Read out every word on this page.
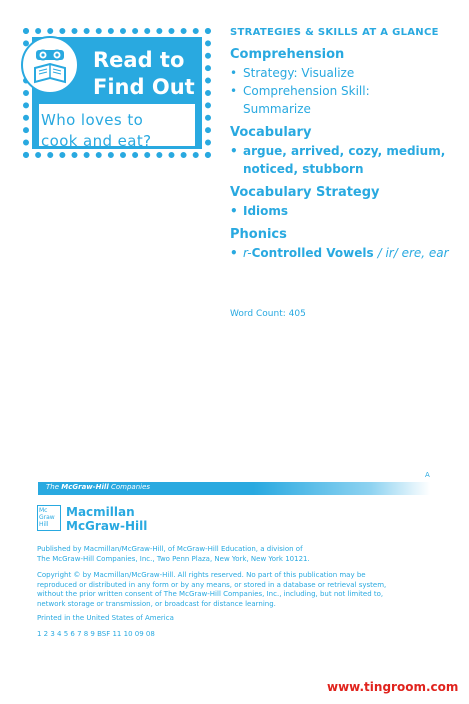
Read to
Find Out
Who loves to
cook and eat?
STRATEGIES & SKILLS AT A GLANCE
Comprehension
• Strategy: Visualize
• Comprehension Skill:
Summarize
Vocabulary
• argue, arrived, cozy, medium,
noticed, stubborn
Vocabulary Strategy
• Idioms
Phonics
• r-Controlled Vowels / ir/ ere, ear
Word Count: 405
A
The McGraw-Hill Companies
Mc
Graw
Hill
Macmillan
McGraw-Hill
Published by Macmillan/McGraw-Hill, of McGraw-Hill Education, a division of
The McGraw-Hill Companies, Inc., Two Penn Plaza, New York, New York 10121.
Copyright © by Macmillan/McGraw-Hill. All rights reserved. No part of this publication may be
reproduced or distributed in any form or by any means, or stored in a database or retrieval system,
without the prior written consent of The McGraw-Hill Companies, Inc., including, but not limited to,
network storage or transmission, or broadcast for distance learning.
Printed in the United States of America
1 2 3 4 5 6 7 8 9 BSF 11 10 09 08
www.tingroom.com
